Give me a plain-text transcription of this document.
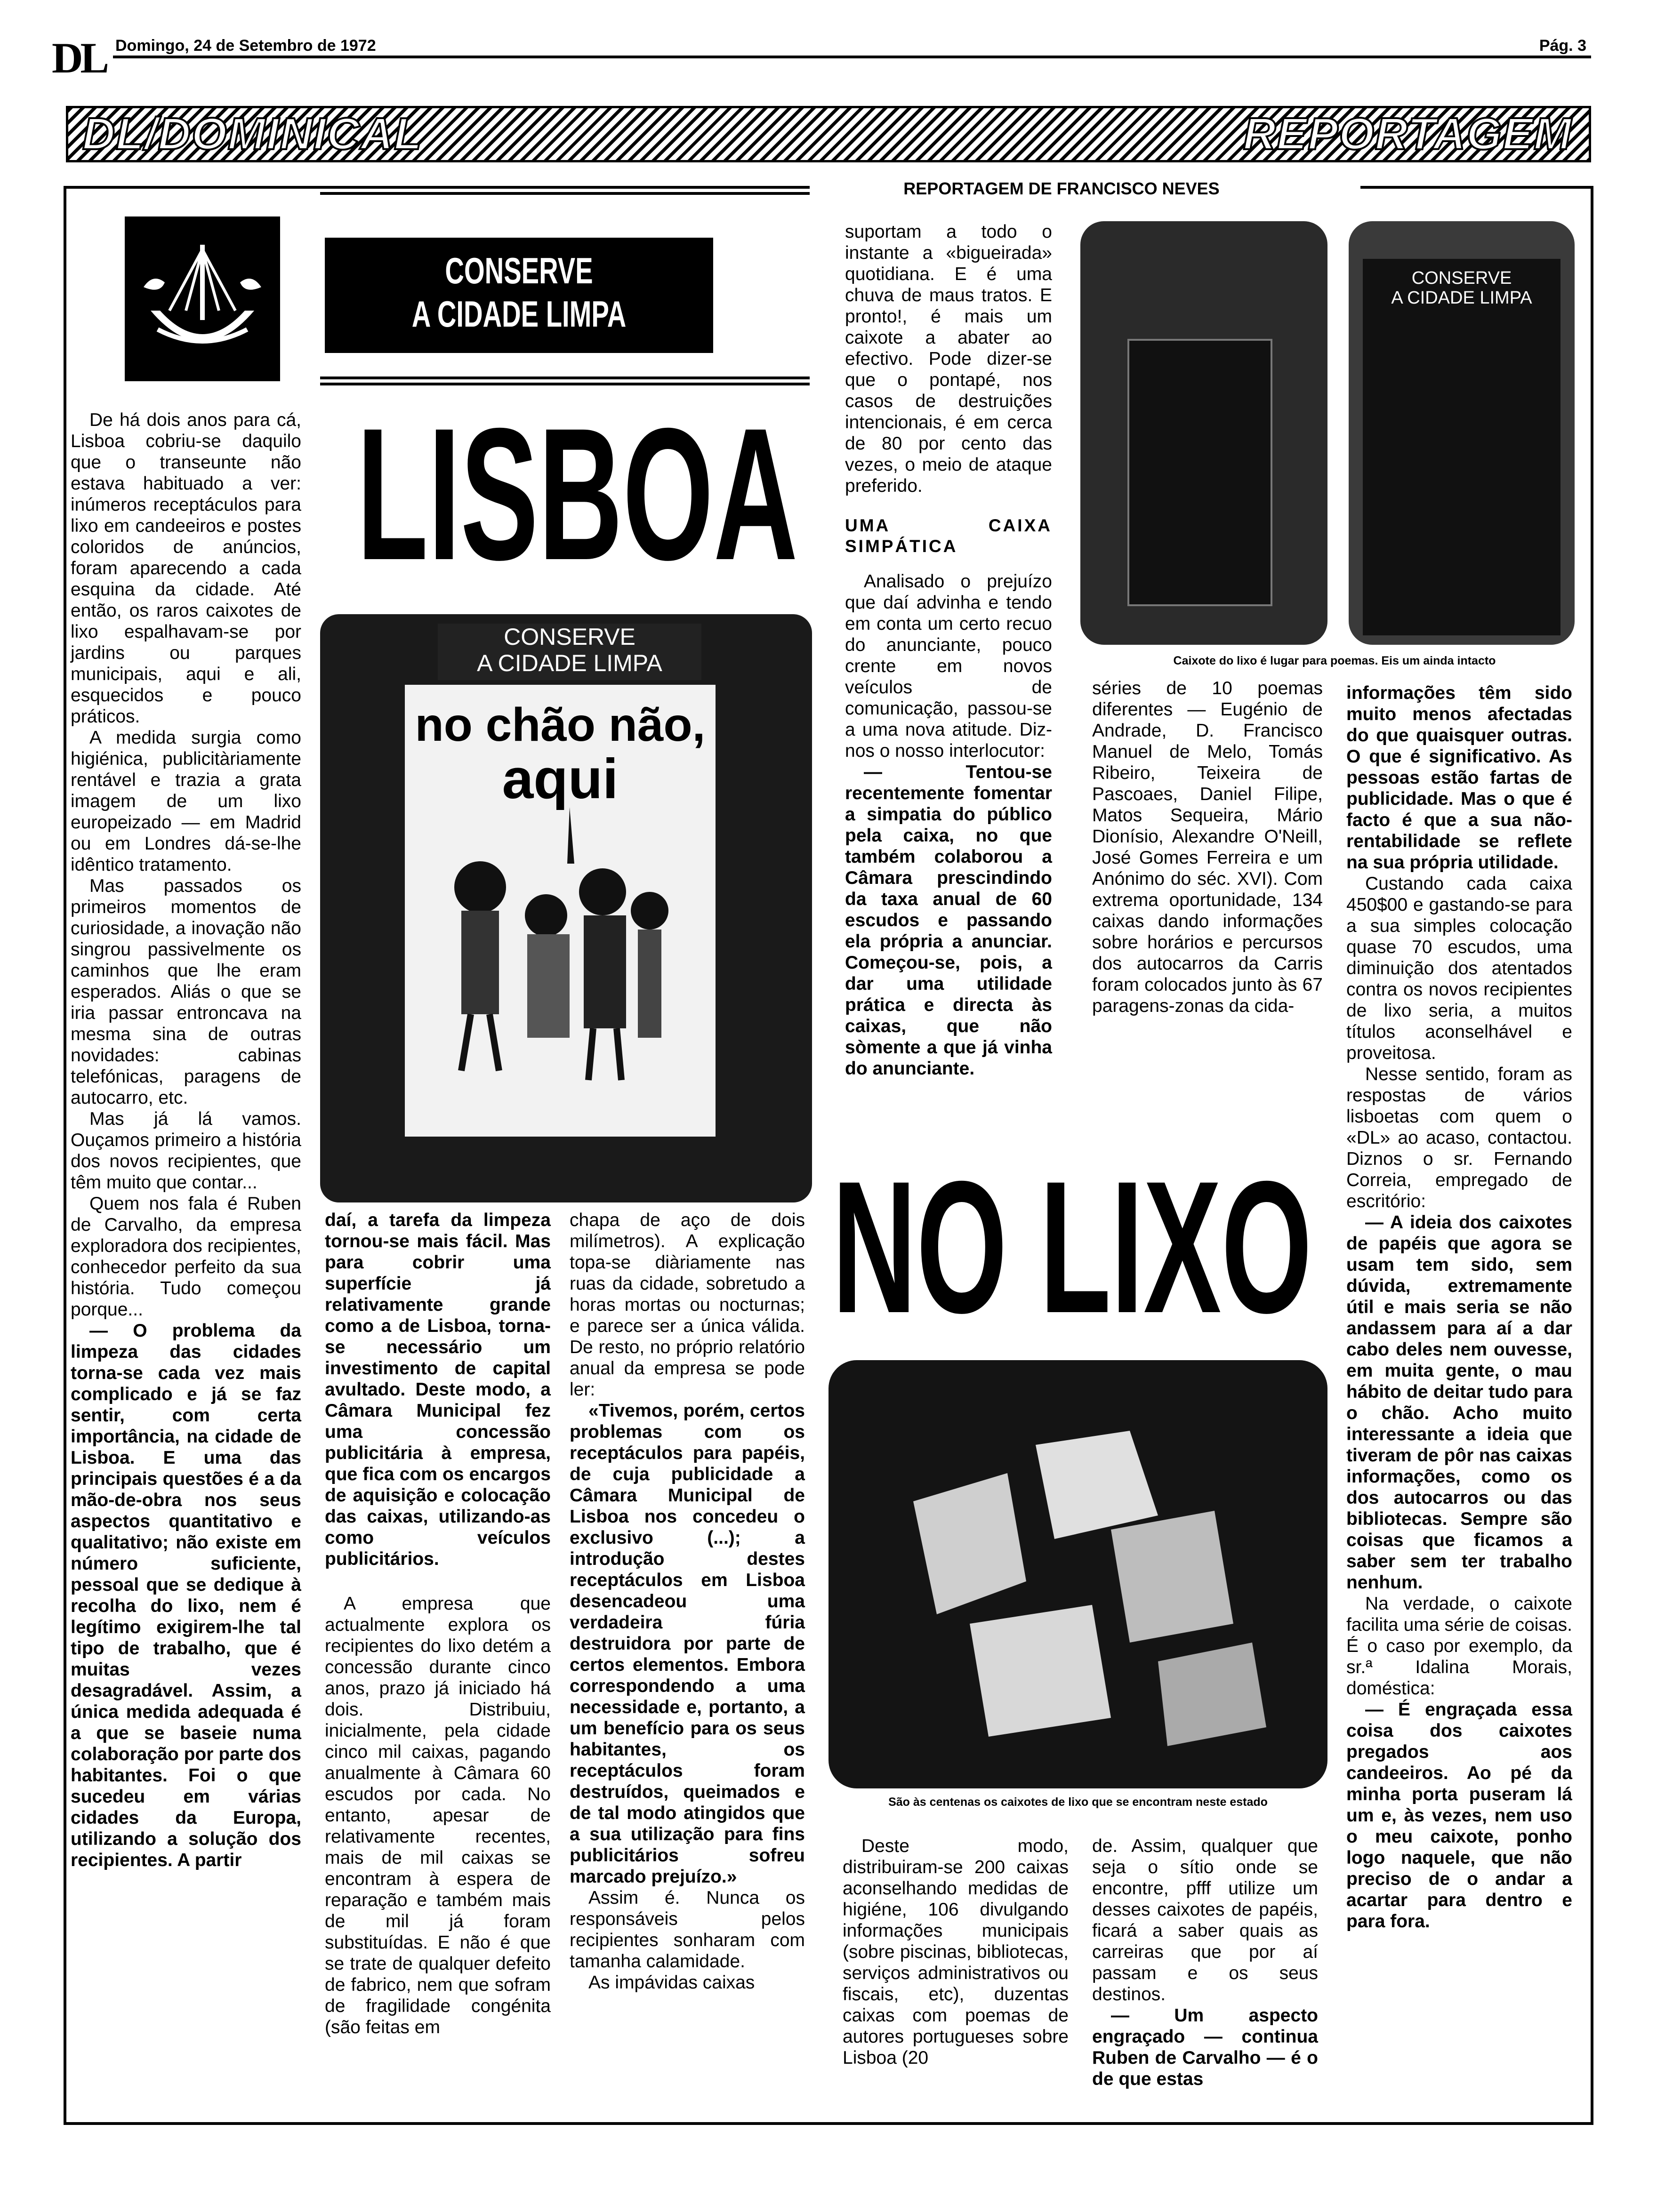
DL Domingo, 24 de Setembro de 1972	Pág. 3
DL/DOMINICAL	REPORTAGEM
REPORTAGEM DE FRANCISCO NEVES
CONSERVE
A CIDADE LIMPA
LISBOA
CONSERVE
A CIDADE LIMPA
no chão não,
aqui

De há dois anos para cá, Lisboa cobriu-se daquilo que o transeunte não estava habituado a ver: inúmeros receptáculos para lixo em candeeiros e postes coloridos de anúncios, foram aparecendo a cada esquina da cidade. Até então, os raros caixotes de lixo espalhavam-se por jardins ou parques municipais, aqui e ali, esquecidos e pouco práticos.

A medida surgia como higiénica, publicitàriamente rentável e trazia a grata imagem de um lixo europeizado — em Madrid ou em Londres dá-se-lhe idêntico tratamento.

Mas passados os primeiros momentos de curiosidade, a inovação não singrou passivelmente os caminhos que lhe eram esperados. Aliás o que se iria passar entroncava na mesma sina de outras novidades: cabinas telefónicas, paragens de autocarro, etc.

Mas já lá vamos. Ouçamos primeiro a história dos novos recipientes, que têm muito que contar...

Quem nos fala é Ruben de Carvalho, da empresa exploradora dos recipientes, conhecedor perfeito da sua história. Tudo começou porque...

— O problema da limpeza das cidades torna-se cada vez mais complicado e já se faz sentir, com certa importância, na cidade de Lisboa. E uma das principais questões é a da mão-de-obra nos seus aspectos quantitativo e qualitativo; não existe em número suficiente, pessoal que se dedique à recolha do lixo, nem é legítimo exigirem-lhe tal tipo de trabalho, que é muitas vezes desagradável. Assim, a única medida adequada é a que se baseie numa colaboração por parte dos habitantes. Foi o que sucedeu em várias cidades da Europa, utilizando a solução dos recipientes. A partir

daí, a tarefa da limpeza tornou-se mais fácil. Mas para cobrir uma superfície já relativamente grande como a de Lisboa, torna-se necessário um investimento de capital avultado. Deste modo, a Câmara Municipal fez uma concessão publicitária à empresa, que fica com os encargos de aquisição e colocação das caixas, utilizando-as como veículos publicitários.

A empresa que actualmente explora os recipientes do lixo detém a concessão durante cinco anos, prazo já iniciado há dois. Distribuiu, inicialmente, pela cidade cinco mil caixas, pagando anualmente à Câmara 60 escudos por cada. No entanto, apesar de relativamente recentes, mais de mil caixas se encontram à espera de reparação e também mais de mil já foram substituídas. E não é que se trate de qualquer defeito de fabrico, nem que sofram de fragilidade congénita (são feitas em

chapa de aço de dois milímetros). A explicação topa-se diàriamente nas ruas da cidade, sobretudo a horas mortas ou nocturnas; e parece ser a única válida. De resto, no próprio relatório anual da empresa se pode ler:

«Tivemos, porém, certos problemas com os receptáculos para papéis, de cuja publicidade a Câmara Municipal de Lisboa nos concedeu o exclusivo (...); a introdução destes receptáculos em Lisboa desencadeou uma verdadeira fúria destruidora por parte de certos elementos. Embora correspondendo a uma necessidade e, portanto, a um benefício para os seus habitantes, os receptáculos foram destruídos, queimados e de tal modo atingidos que a sua utilização para fins publicitários sofreu marcado prejuízo.»

Assim é. Nunca os responsáveis pelos recipientes sonharam com tamanha calamidade.

As impávidas caixas

suportam a todo o instante a «bigueirada» quotidiana. E é uma chuva de maus tratos. E pronto!, é mais um caixote a abater ao efectivo. Pode dizer-se que o pontapé, nos casos de destruições intencionais, é em cerca de 80 por cento das vezes, o meio de ataque preferido.

UMA CAIXA SIMPÁTICA

Analisado o prejuízo que daí advinha e tendo em conta um certo recuo do anunciante, pouco crente em novos veículos de comunicação, passou-se a uma nova atitude. Diz-nos o nosso interlocutor:

— Tentou-se recentemente fomentar a simpatia do público pela caixa, no que também colaborou a Câmara prescindindo da taxa anual de 60 escudos e passando ela própria a anunciar. Começou-se, pois, a dar uma utilidade prática e directa às caixas, que não sòmente a que já vinha do anunciante.

CONSERVE
A CIDADE LIMPA
Caixote do lixo é lugar para poemas. Eis um ainda intacto

séries de 10 poemas diferentes — Eugénio de Andrade, D. Francisco Manuel de Melo, Tomás Ribeiro, Teixeira de Pascoaes, Daniel Filipe, Matos Sequeira, Mário Dionísio, Alexandre O'Neill, José Gomes Ferreira e um Anónimo do séc. XVI). Com extrema oportunidade, 134 caixas dando informações sobre horários e percursos dos autocarros da Carris foram colocados junto às 67 paragens-zonas da cida-

NO LIXO
São às centenas os caixotes de lixo que se encontram neste estado

Deste modo, distribuiram-se 200 caixas aconselhando medidas de higiéne, 106 divulgando informações municipais (sobre piscinas, bibliotecas, serviços administrativos ou fiscais, etc), duzentas caixas com poemas de autores portugueses sobre Lisboa (20

de. Assim, qualquer que seja o sítio onde se encontre, pfff utilize um desses caixotes de papéis, ficará a saber quais as carreiras que por aí passam e os seus destinos.

— Um aspecto engraçado — continua Ruben de Carvalho — é o de que estas

informações têm sido muito menos afectadas do que quaisquer outras. O que é significativo. As pessoas estão fartas de publicidade. Mas o que é facto é que a sua não-rentabilidade se reflete na sua própria utilidade.

Custando cada caixa 450$00 e gastando-se para a sua simples colocação quase 70 escudos, uma diminuição dos atentados contra os novos recipientes de lixo seria, a muitos títulos aconselhável e proveitosa.

Nesse sentido, foram as respostas de vários lisboetas com quem o «DL» ao acaso, contactou. Diznos o sr. Fernando Correia, empregado de escritório:

— A ideia dos caixotes de papéis que agora se usam tem sido, sem dúvida, extremamente útil e mais seria se não andassem para aí a dar cabo deles nem ouvesse, em muita gente, o mau hábito de deitar tudo para o chão. Acho muito interessante a ideia que tiveram de pôr nas caixas informações, como os dos autocarros ou das bibliotecas. Sempre são coisas que ficamos a saber sem ter trabalho nenhum.

Na verdade, o caixote facilita uma série de coisas. É o caso por exemplo, da sr.ª Idalina Morais, doméstica:

— É engraçada essa coisa dos caixotes pregados aos candeeiros. Ao pé da minha porta puseram lá um e, às vezes, nem uso o meu caixote, ponho logo naquele, que não preciso de o andar a acartar para dentro e para fora.
